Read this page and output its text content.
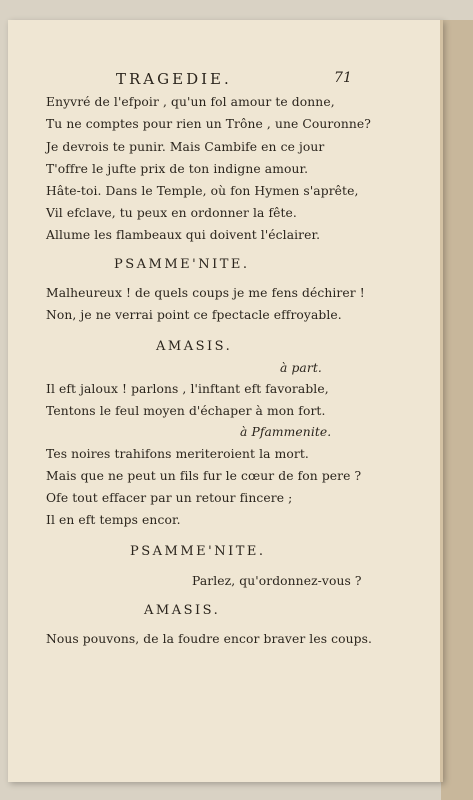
TRAGEDIE.	71
Enyvré de l'efpoir , qu'un fol amour te donne,
Tu ne comptes pour rien un Trône , une Couronne?
Je devrois te punir. Mais Cambife en ce jour
T'offre le jufte prix de ton indigne amour.
Hâte-toi. Dans le Temple, où fon Hymen s'aprête,
Vil efclave, tu peux en ordonner la fête.
Allume les flambeaux qui doivent l'éclairer.
PSAMME'NITE.
Malheureux ! de quels coups je me fens déchirer !
Non, je ne verrai point ce fpectacle effroyable.
AMASIS.
à part.
Il eft jaloux ! parlons , l'inftant eft favorable,
Tentons le feul moyen d'échaper à mon fort.
à Pfammenite.
Tes noires trahifons meriteroient la mort.
Mais que ne peut un fils fur le cœur de fon pere ?
Ofe tout effacer par un retour fincere ;
Il en eft temps encor.
PSAMME'NITE.
Parlez, qu'ordonnez-vous ?
AMASIS.
Nous pouvons, de la foudre encor braver les coups.
